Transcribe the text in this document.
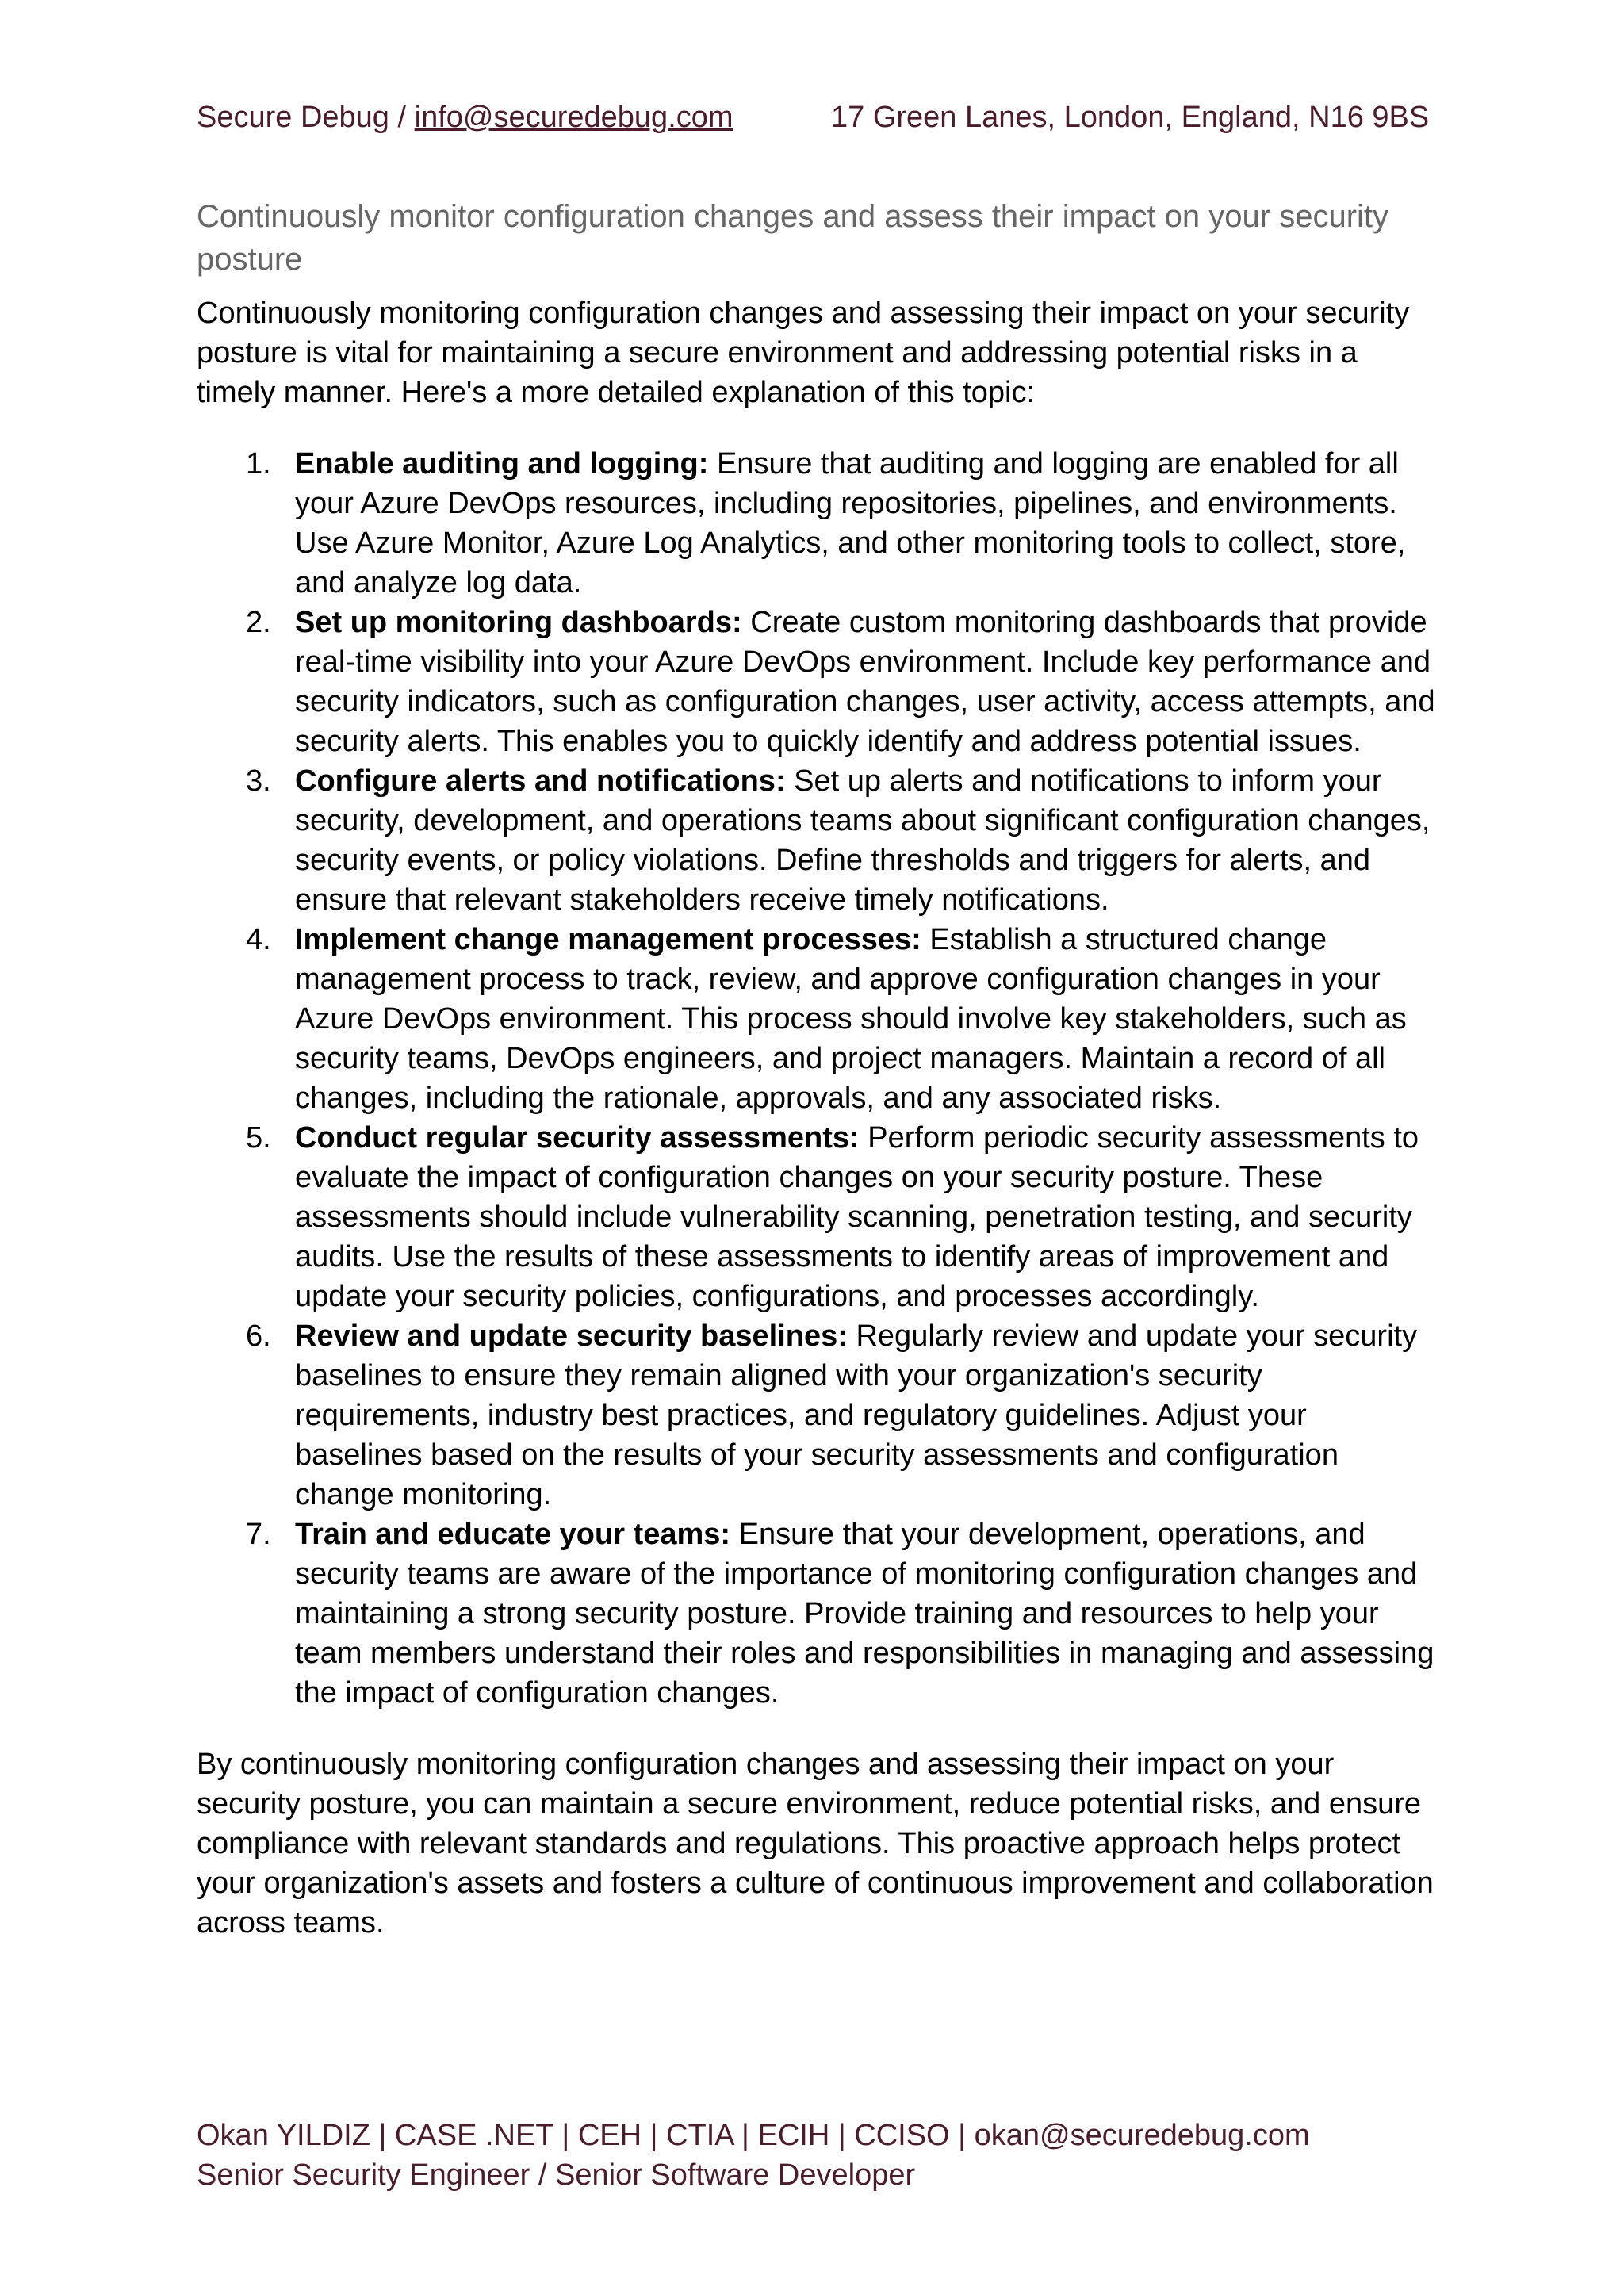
Secure Debug / info@securedebug.com	17 Green Lanes, London, England, N16 9BS
Continuously monitor configuration changes and assess their impact on your security posture

Continuously monitoring configuration changes and assessing their impact on your security posture is vital for maintaining a secure environment and addressing potential risks in a timely manner. Here's a more detailed explanation of this topic:

1. Enable auditing and logging: Ensure that auditing and logging are enabled for all your Azure DevOps resources, including repositories, pipelines, and environments. Use Azure Monitor, Azure Log Analytics, and other monitoring tools to collect, store, and analyze log data.
2. Set up monitoring dashboards: Create custom monitoring dashboards that provide real-time visibility into your Azure DevOps environment. Include key performance and security indicators, such as configuration changes, user activity, access attempts, and security alerts. This enables you to quickly identify and address potential issues.
3. Configure alerts and notifications: Set up alerts and notifications to inform your security, development, and operations teams about significant configuration changes, security events, or policy violations. Define thresholds and triggers for alerts, and ensure that relevant stakeholders receive timely notifications.
4. Implement change management processes: Establish a structured change management process to track, review, and approve configuration changes in your Azure DevOps environment. This process should involve key stakeholders, such as security teams, DevOps engineers, and project managers. Maintain a record of all changes, including the rationale, approvals, and any associated risks.
5. Conduct regular security assessments: Perform periodic security assessments to evaluate the impact of configuration changes on your security posture. These assessments should include vulnerability scanning, penetration testing, and security audits. Use the results of these assessments to identify areas of improvement and update your security policies, configurations, and processes accordingly.
6. Review and update security baselines: Regularly review and update your security baselines to ensure they remain aligned with your organization's security requirements, industry best practices, and regulatory guidelines. Adjust your baselines based on the results of your security assessments and configuration change monitoring.
7. Train and educate your teams: Ensure that your development, operations, and security teams are aware of the importance of monitoring configuration changes and maintaining a strong security posture. Provide training and resources to help your team members understand their roles and responsibilities in managing and assessing the impact of configuration changes.

By continuously monitoring configuration changes and assessing their impact on your security posture, you can maintain a secure environment, reduce potential risks, and ensure compliance with relevant standards and regulations. This proactive approach helps protect your organization's assets and fosters a culture of continuous improvement and collaboration across teams.

Okan YILDIZ | CASE .NET | CEH | CTIA | ECIH | CCISO | okan@securedebug.com

Senior Security Engineer / Senior Software Developer
